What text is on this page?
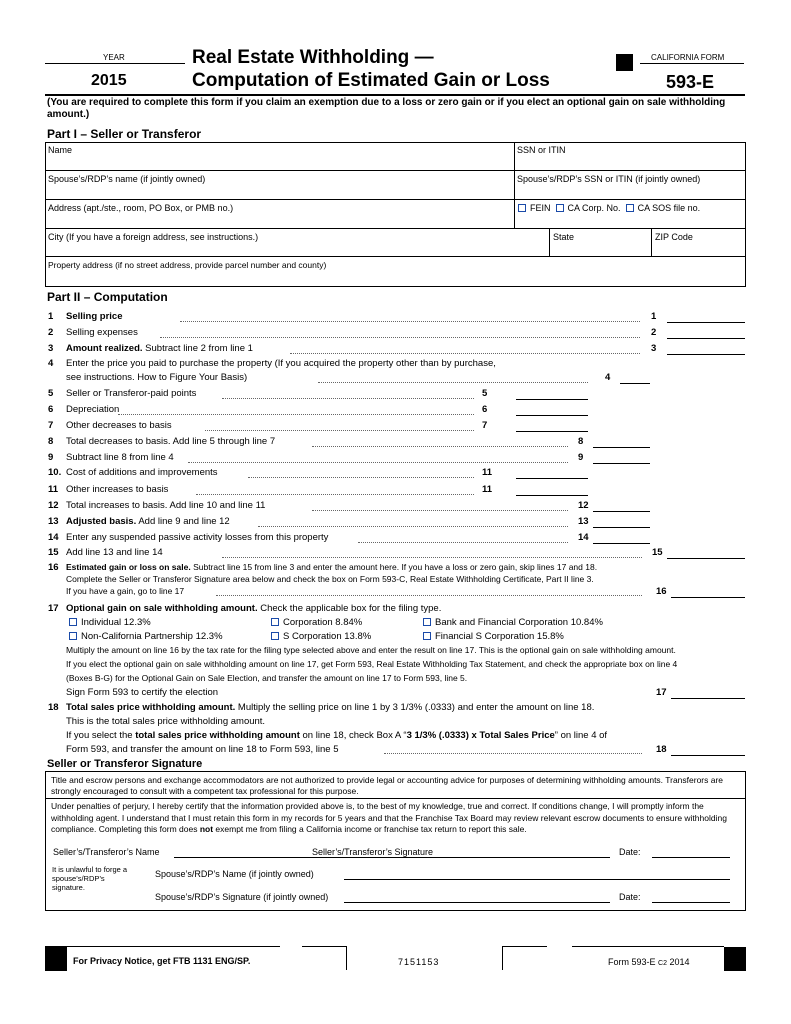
YEAR
2015
Real Estate Withholding —
Computation of Estimated Gain or Loss
CALIFORNIA FORM
593-E
(You are required to complete this form if you claim an exemption due to a loss or zero gain or if you elect an optional gain on sale withholding amount.)
Part I – Seller or Transferor
Name	SSN or ITIN
Spouse’s/RDP’s name (if jointly owned)	Spouse’s/RDP’s SSN or ITIN (if jointly owned)
Address (apt./ste., room, PO Box, or PMB no.)	FEIN CA Corp. No. CA SOS file no.
City (If you have a foreign address, see instructions.)	State	ZIP Code
Property address (if no street address, provide parcel number and county)
Part II – Computation
1 Selling price	1
2 Selling expenses	2
3 Amount realized. Subtract line 2 from line 1	3
4 Enter the price you paid to purchase the property (If you acquired the property other than by purchase,
see instructions. How to Figure Your Basis)	4
5 Seller or Transferor-paid points	5
6 Depreciation	6
7 Other decreases to basis	7
8 Total decreases to basis. Add line 5 through line 7	8
9 Subtract line 8 from line 4	9
10. Cost of additions and improvements	11
11 Other increases to basis	11
12 Total increases to basis. Add line 10 and line 11	12
13 Adjusted basis. Add line 9 and line 12	13
14 Enter any suspended passive activity losses from this property	14
15 Add line 13 and line 14	15
16 Estimated gain or loss on sale. Subtract line 15 from line 3 and enter the amount here. If you have a loss or zero gain, skip lines 17 and 18.
Complete the Seller or Transferor Signature area below and check the box on Form 593-C, Real Estate Withholding Certificate, Part II line 3.
If you have a gain, go to line 17	16
17 Optional gain on sale withholding amount. Check the applicable box for the filing type.
Individual 12.3%	Corporation 8.84%	Bank and Financial Corporation 10.84%
Non-California Partnership 12.3%	S Corporation 13.8%	Financial S Corporation 15.8%
Multiply the amount on line 16 by the tax rate for the filing type selected above and enter the result on line 17. This is the optional gain on sale withholding amount.
If you elect the optional gain on sale withholding amount on line 17, get Form 593, Real Estate Withholding Tax Statement, and check the appropriate box on line 4
(Boxes B-G) for the Optional Gain on Sale Election, and transfer the amount on line 17 to Form 593, line 5.
Sign Form 593 to certify the election	17
18 Total sales price withholding amount. Multiply the selling price on line 1 by 3 1/3% (.0333) and enter the amount on line 18.
This is the total sales price withholding amount.
If you select the total sales price withholding amount on line 18, check Box A “3 1/3% (.0333) x Total Sales Price” on line 4 of
Form 593, and transfer the amount on line 18 to Form 593, line 5	18
Seller or Transferor Signature
Title and escrow persons and exchange accommodators are not authorized to provide legal or accounting advice for purposes of determining withholding amounts. Transferors are strongly encouraged to consult with a competent tax professional for this purpose.
Under penalties of perjury, I hereby certify that the information provided above is, to the best of my knowledge, true and correct. If conditions change, I will promptly inform the withholding agent. I understand that I must retain this form in my records for 5 years and that the Franchise Tax Board may review relevant escrow documents to ensure withholding compliance. Completing this form does not exempt me from filing a California income or franchise tax return to report this sale.
Seller’s/Transferor’s Name	Seller’s/Transferor’s Signature	Date:
It is unlawful to forge a spouse’s/RDP’s signature.
Spouse’s/RDP’s Name (if jointly owned)
Spouse’s/RDP’s Signature (if jointly owned)	Date:
For Privacy Notice, get FTB 1131 ENG/SP.	7151153	Form 593-E C2 2014
